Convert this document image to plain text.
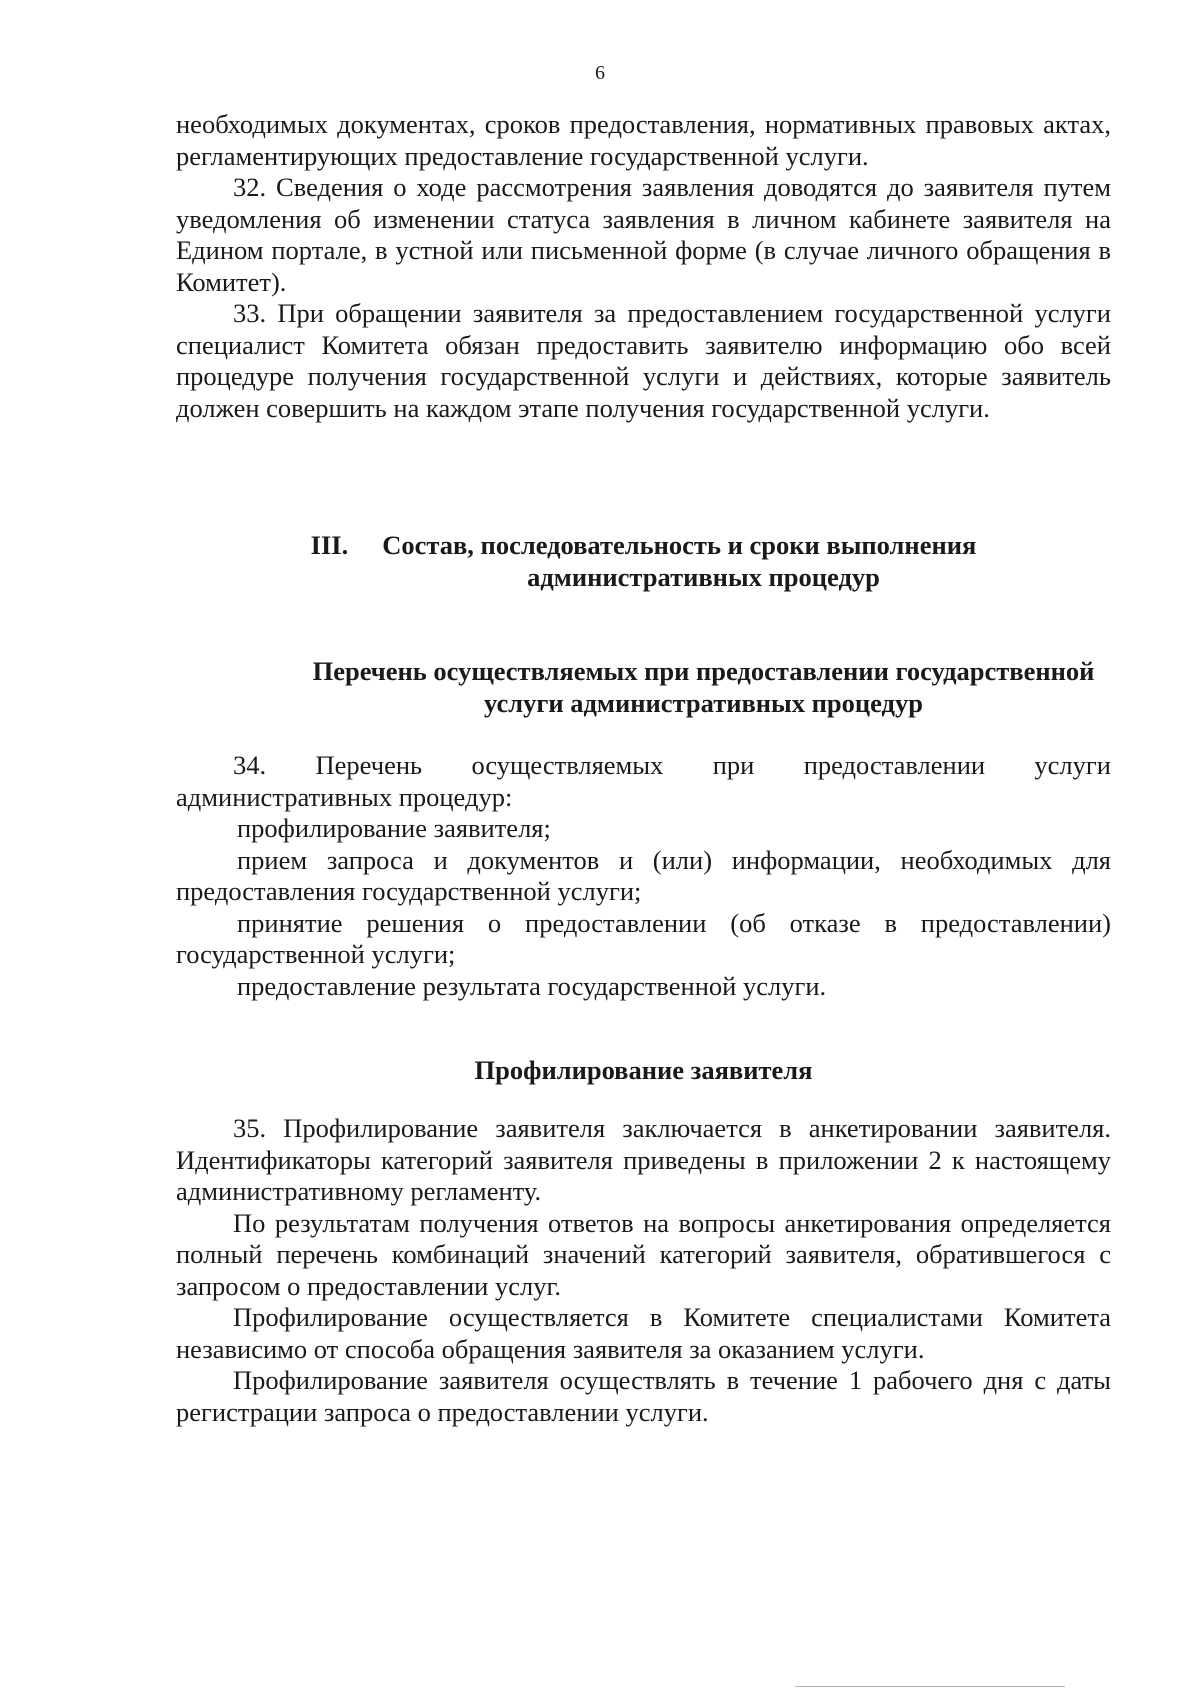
6

необходимых документах, сроков предоставления, нормативных правовых актах, регламентирующих предоставление государственной услуги.

32. Сведения о ходе рассмотрения заявления доводятся до заявителя путем уведомления об изменении статуса заявления в личном кабинете заявителя на Едином портале, в устной или письменной форме (в случае личного обращения в Комитет).

33. При обращении заявителя за предоставлением государственной услуги специалист Комитета обязан предоставить заявителю информацию обо всей процедуре получения государственной услуги и действиях, которые заявитель должен совершить на каждом этапе получения государственной услуги.

III. Состав, последовательность и сроки выполнения
административных процедур
Перечень осуществляемых при предоставлении государственной
услуги административных процедур
34. Перечень осуществляемых при предоставлении услуги
административных процедур:

профилирование заявителя;

прием запроса и документов и (или) информации, необходимых для предоставления государственной услуги;

принятие решения о предоставлении (об отказе в предоставлении) государственной услуги;

предоставление результата государственной услуги.

Профилирование заявителя

35. Профилирование заявителя заключается в анкетировании заявителя. Идентификаторы категорий заявителя приведены в приложении 2 к настоящему административному регламенту.

По результатам получения ответов на вопросы анкетирования определяется полный перечень комбинаций значений категорий заявителя, обратившегося с запросом о предоставлении услуг.

Профилирование осуществляется в Комитете специалистами Комитета независимо от способа обращения заявителя за оказанием услуги.

Профилирование заявителя осуществлять в течение 1 рабочего дня с даты регистрации запроса о предоставлении услуги.
